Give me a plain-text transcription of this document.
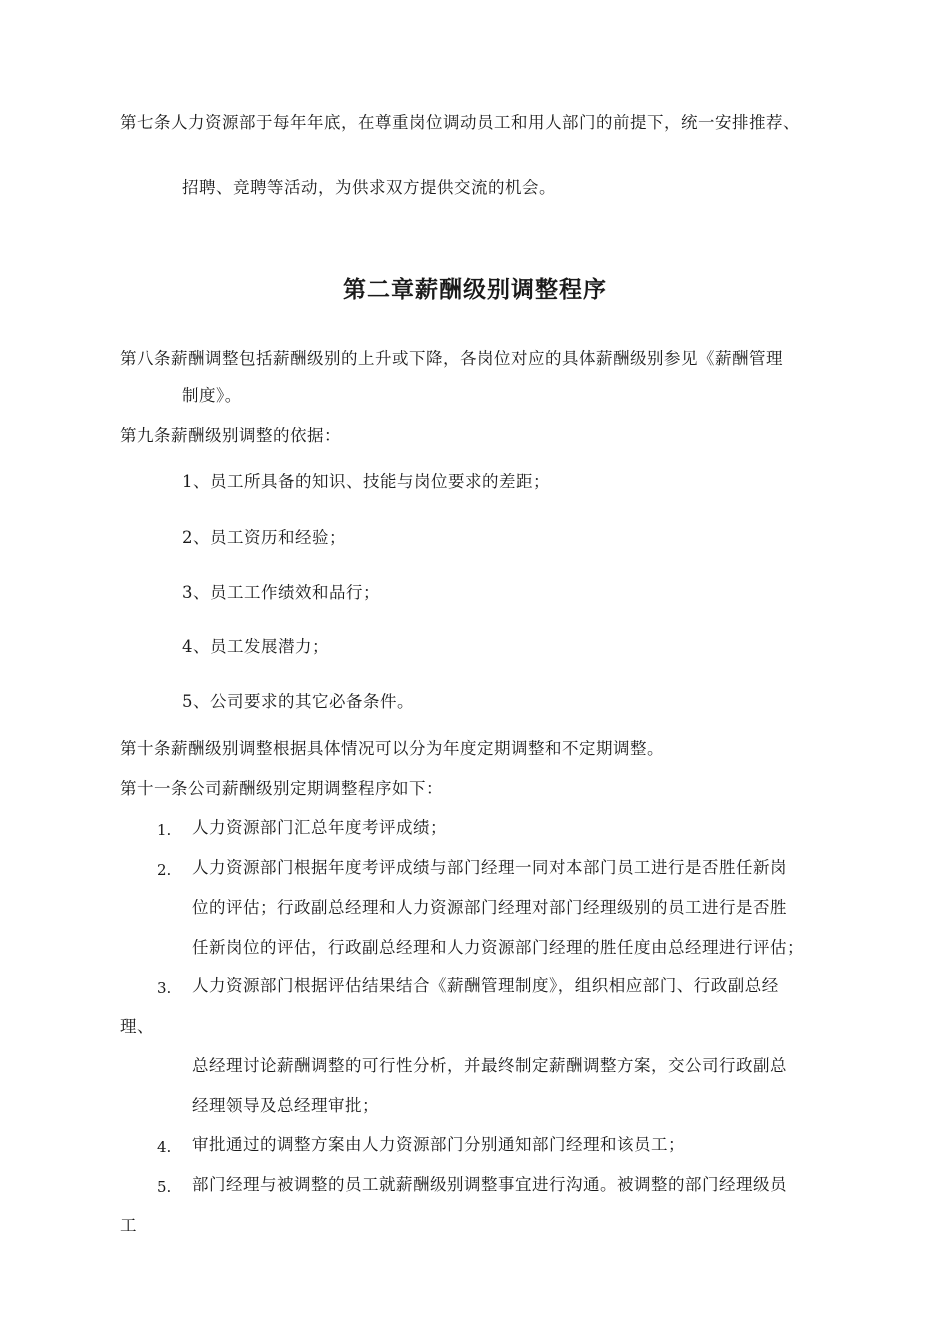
第七条人力资源部于每年年底，在尊重岗位调动员工和用人部门的前提下，统一安排推荐、
招聘、竞聘等活动，为供求双方提供交流的机会。
第二章薪酬级别调整程序
第八条薪酬调整包括薪酬级别的上升或下降，各岗位对应的具体薪酬级别参见《薪酬管理
制度》。
第九条薪酬级别调整的依据：
1、员工所具备的知识、技能与岗位要求的差距；
2、员工资历和经验；
3、员工工作绩效和品行；
4、员工发展潜力；
5、公司要求的其它必备条件。
第十条薪酬级别调整根据具体情况可以分为年度定期调整和不定期调整。
第十一条公司薪酬级别定期调整程序如下：
1. 人力资源部门汇总年度考评成绩；
2. 人力资源部门根据年度考评成绩与部门经理一同对本部门员工进行是否胜任新岗
位的评估；行政副总经理和人力资源部门经理对部门经理级别的员工进行是否胜
任新岗位的评估，行政副总经理和人力资源部门经理的胜任度由总经理进行评估；
3. 人力资源部门根据评估结果结合《薪酬管理制度》，组织相应部门、行政副总经
理、
总经理讨论薪酬调整的可行性分析，并最终制定薪酬调整方案，交公司行政副总
经理领导及总经理审批；
4. 审批通过的调整方案由人力资源部门分别通知部门经理和该员工；
5. 部门经理与被调整的员工就薪酬级别调整事宜进行沟通。被调整的部门经理级员
工
